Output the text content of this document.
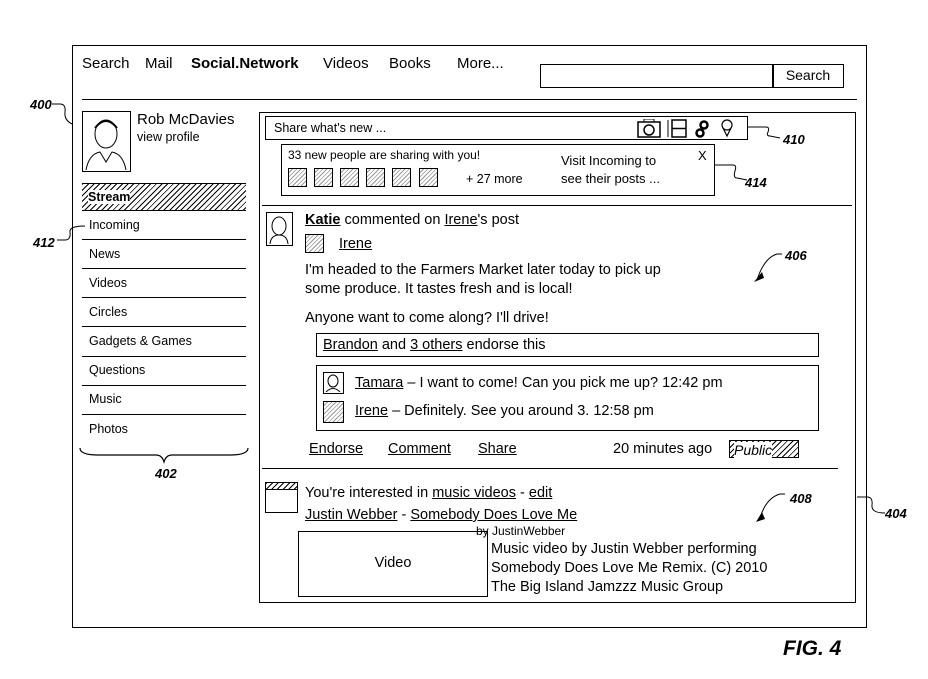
Search Mail Social.Network Videos Books More...
Search
Rob McDavies
view profile
Stream
Incoming
News
Videos
Circles
Gadgets & Games
Questions
Music
Photos
402
Share what's new ...
410
33 new people are sharing with you!
+ 27 more
Visit Incoming to
see their posts ...
X
414
Katie commented on Irene's post
Irene
I'm headed to the Farmers Market later today to pick up
some produce. It tastes fresh and is local!
Anyone want to come along? I'll drive!
Brandon and 3 others endorse this
Tamara – I want to come! Can you pick me up? 12:42 pm
Irene – Definitely. See you around 3. 12:58 pm
Endorse Comment Share	20 minutes ago	Public
406
You're interested in music videos - edit
Justin Webber - Somebody Does Love Me
by JustinWebber
Video
Music video by Justin Webber performing
Somebody Does Love Me Remix. (C) 2010
The Big Island Jamzzz Music Group
408
400
412
404
FIG. 4
